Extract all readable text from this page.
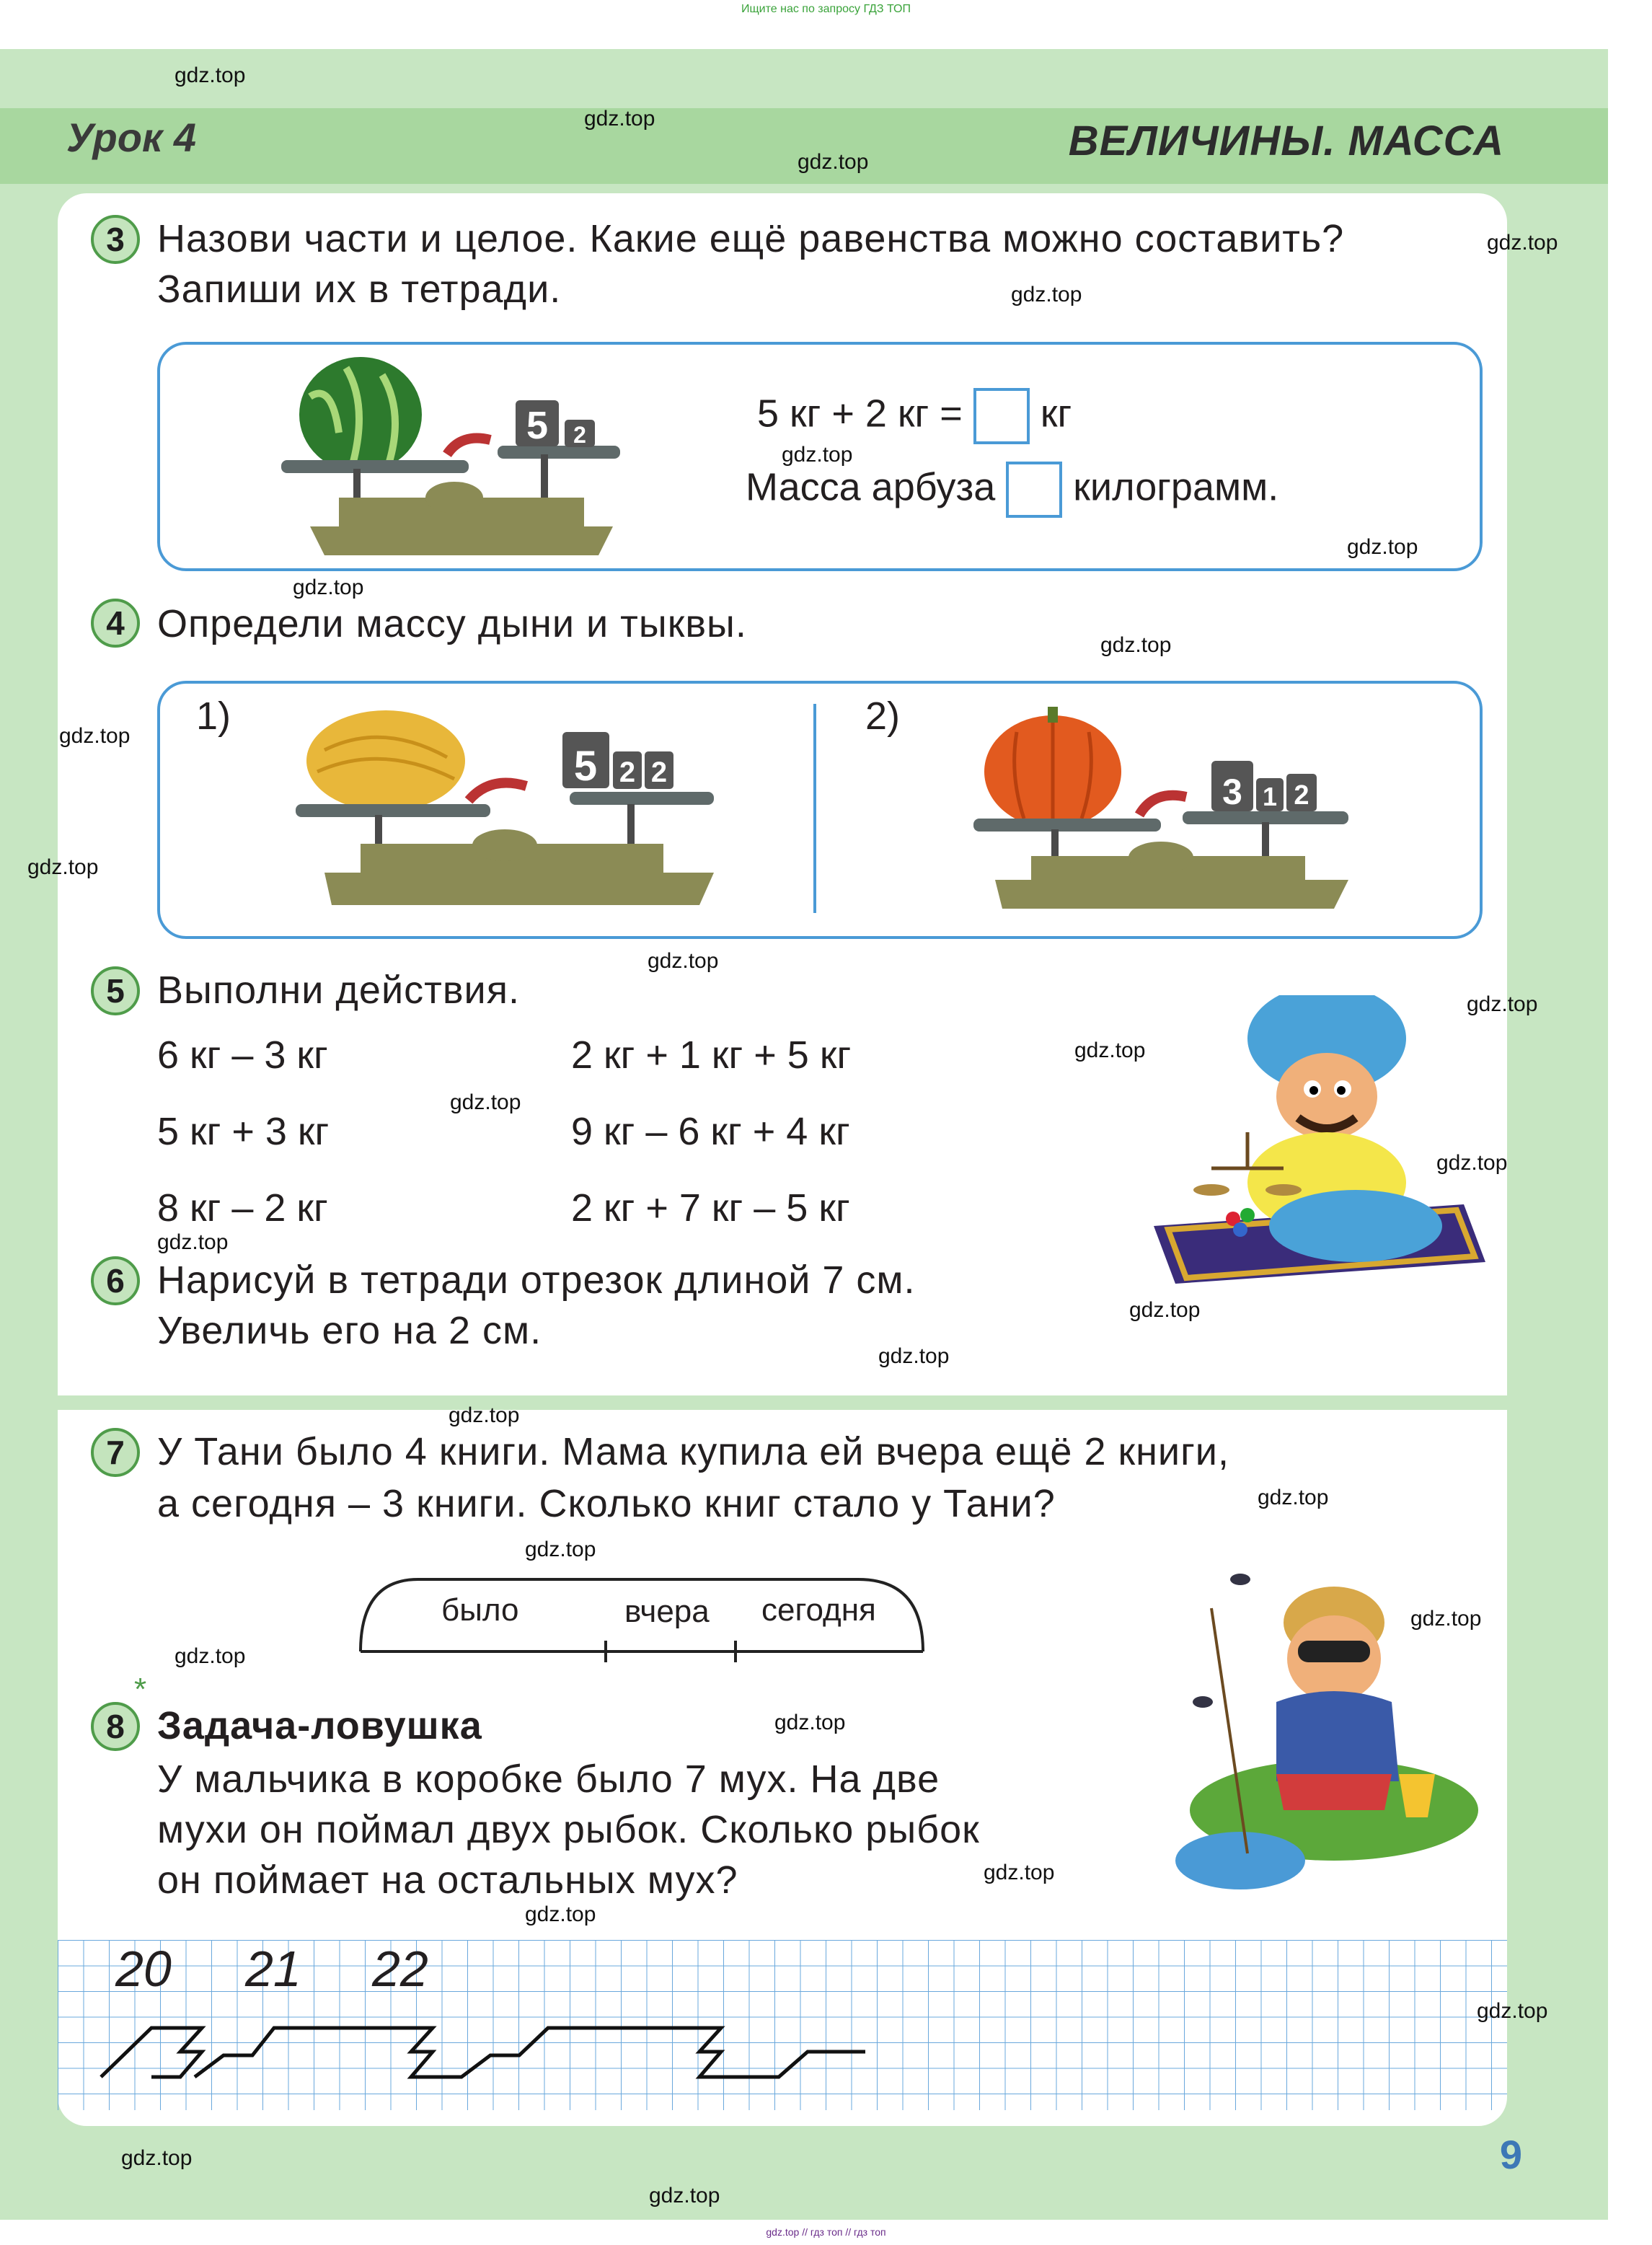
Ищите нас по запросу ГДЗ ТОП
Урок 4	ВЕЛИЧИНЫ. МАССА
3 Назови части и целое. Какие ещё равенства можно составить?
Запиши их в тетради.
5 2	5 кг + 2 кг = кг
Масса арбуза килограмм.
4 Определи массу дыни и тыквы.
1)	2)
5 2 2	3 1 2
5 Выполни действия.
6 кг – 3 кг
5 кг + 3 кг
8 кг – 2 кг
2 кг + 1 кг + 5 кг
9 кг – 6 кг + 4 кг
2 кг + 7 кг – 5 кг
6 Нарисуй в тетради отрезок длиной 7 см.
Увеличь его на 2 см.
7 У Тани было 4 книги. Мама купила ей вчера ещё 2 книги,
а сегодня – 3 книги. Сколько книг стало у Тани?
было	вчера сегодня
*
8 Задача-ловушка
У мальчика в коробке было 7 мух. На две
мухи он поймал двух рыбок. Сколько рыбок
он поймает на остальных мух?
20 21 22
9
gdz.top
gdz.top
gdz.top
gdz.top
gdz.top
gdz.top
gdz.top
gdz.top
gdz.top
gdz.top
gdz.top
gdz.top
gdz.top
gdz.top
gdz.top
gdz.top
gdz.top
gdz.top
gdz.top
gdz.top
gdz.top
gdz.top
gdz.top
gdz.top
gdz.top
gdz.top
gdz.top
gdz.top
gdz.top
gdz.top
gdz.top // гдз топ // гдз топ
